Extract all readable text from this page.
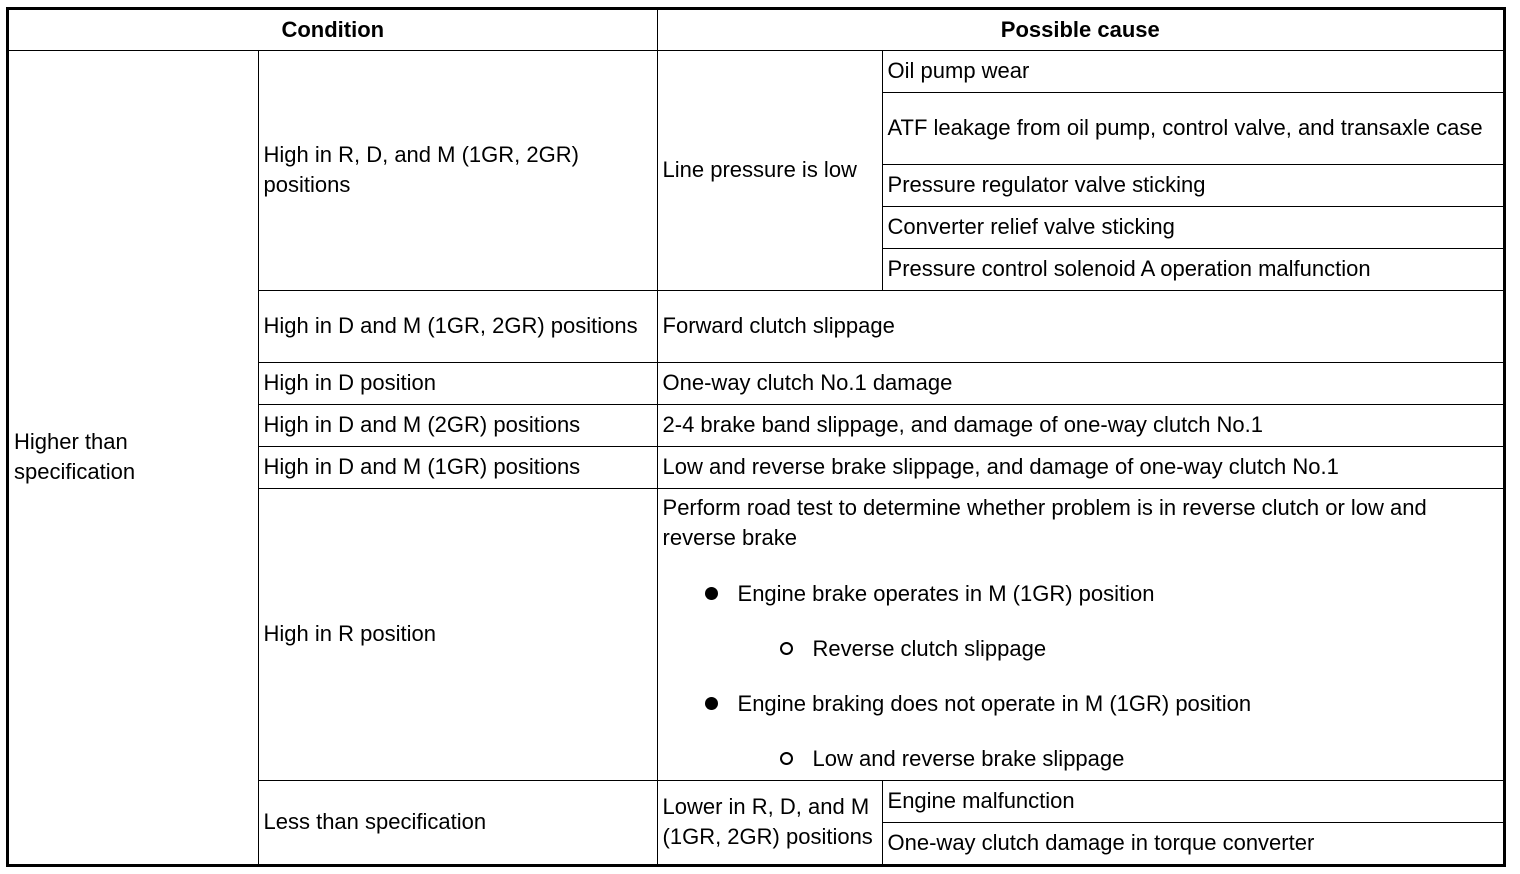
Condition		Possible cause	
Higher than specification	High in R, D, and M (1GR, 2GR) positions	Line pressure is low	Oil pump wear
			ATF leakage from oil pump, control valve, and transaxle case
			Pressure regulator valve sticking
			Converter relief valve sticking
			Pressure control solenoid A operation malfunction
	High in D and M (1GR, 2GR) positions	Forward clutch slippage	
	High in D position	One-way clutch No.1 damage	
	High in D and M (2GR) positions	2-4 brake band slippage, and damage of one-way clutch No.1	
	High in D and M (1GR) positions	Low and reverse brake slippage, and damage of one-way clutch No.1	
	High in R position	Perform road test to determine whether problem is in reverse clutch or low and reverse brake
Engine brake operates in M (1GR) position
Reverse clutch slippage
Engine braking does not operate in M (1GR) position
Low and reverse brake slippage	

	Less than specification	Lower in R, D, and M (1GR, 2GR) positions	Engine malfunction
			One-way clutch damage in torque converter
